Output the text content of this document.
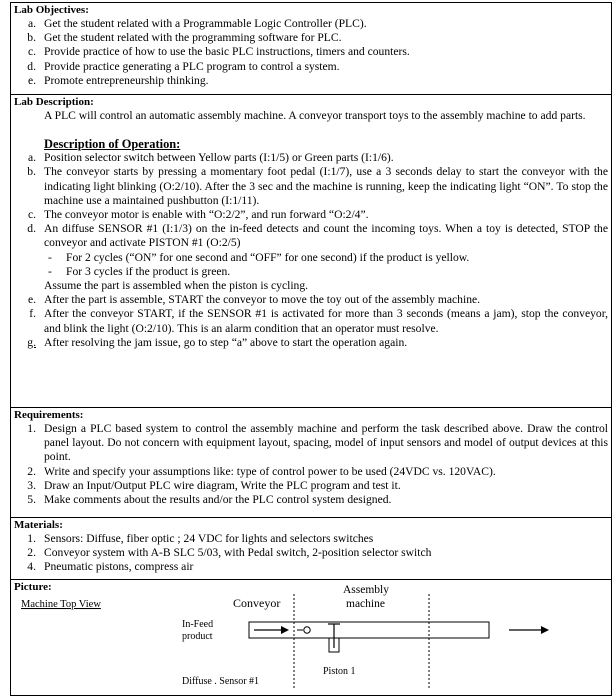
Lab Objectives:
a. Get the student related with a Programmable Logic Controller (PLC).
b. Get the student related with the programming software for PLC.
c. Provide practice of how to use the basic PLC instructions, timers and counters.
d. Provide practice generating a PLC program to control a system.
e. Promote entrepreneurship thinking.
Lab Description:
A PLC will control an automatic assembly machine. A conveyor transport toys to the assembly machine to add parts.
Description of Operation:
a. Position selector switch between Yellow parts (I:1/5) or Green parts (I:1/6).
b. The conveyor starts by pressing a momentary foot pedal (I:1/7), use a 3 seconds delay to start the conveyor with the indicating light blinking (O:2/10). After the 3 sec and the machine is running, keep the indicating light “ON”. To stop the machine use a maintained pushbutton (I:1/11).
c. The conveyor motor is enable with “O:2/2”, and run forward “O:2/4”.
d. An diffuse SENSOR #1 (I:1/3) on the in-feed detects and count the incoming toys. When a toy is detected, STOP the conveyor and activate PISTON #1 (O:2/5)
-	For 2 cycles (“ON” for one second and “OFF” for one second) if the product is yellow.
-	For 3 cycles if the product is green.
Assume the part is assembled when the piston is cycling.
e. After the part is assemble, START the conveyor to move the toy out of the assembly machine.
f. After the conveyor START, if the SENSOR #1 is activated for more than 3 seconds (means a jam), stop the conveyor, and blink the light (O:2/10). This is an alarm condition that an operator must resolve.
g. After resolving the jam issue, go to step “a” above to start the operation again.
Requirements:
1. Design a PLC based system to control the assembly machine and perform the task described above. Draw the control panel layout. Do not concern with equipment layout, spacing, model of input sensors and model of output devices at this point.
2. Write and specify your assumptions like: type of control power to be used (24VDC vs. 120VAC).
3. Draw an Input/Output PLC wire diagram, Write the PLC program and test it.
5. Make comments about the results and/or the PLC control system designed.
Materials:
1. Sensors: Diffuse, fiber optic ; 24 VDC for lights and selectors switches
2. Conveyor system with A-B SLC 5/03, with Pedal switch, 2-position selector switch
4. Pneumatic pistons, compress air
Picture:
Machine Top View	Conveyor
Assembly
machine
In-Feed
product
Piston 1
Diffuse . Sensor #1
